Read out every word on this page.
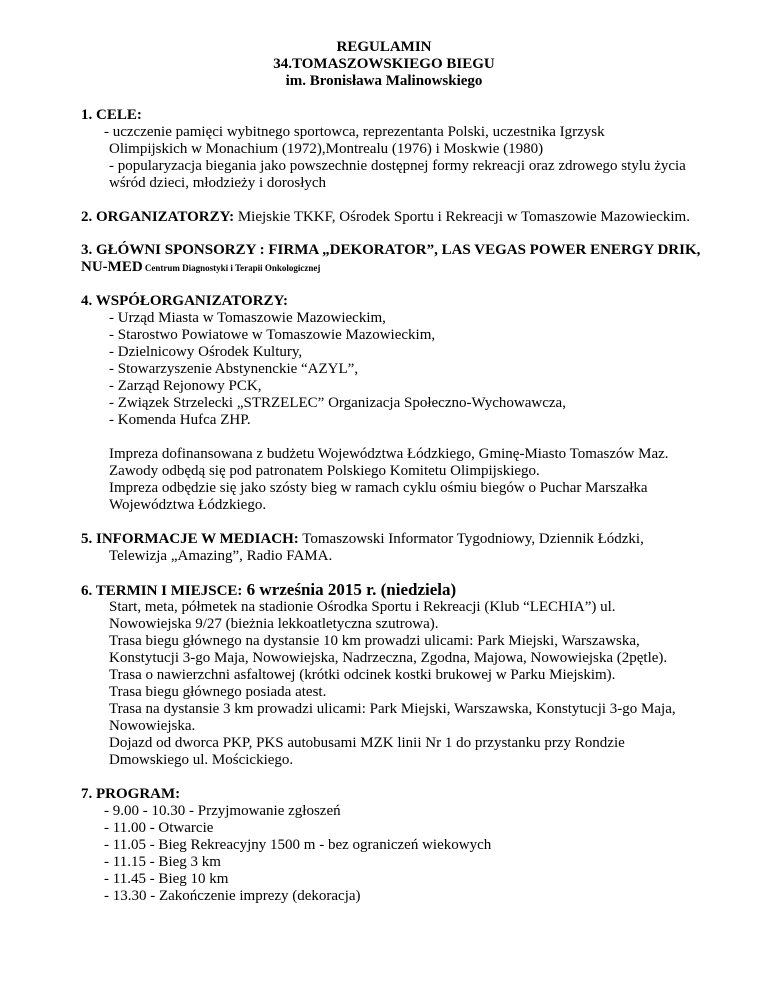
REGULAMIN
34.TOMASZOWSKIEGO BIEGU
im. Bronisława Malinowskiego
1. CELE:
- uczczenie pamięci wybitnego sportowca, reprezentanta Polski, uczestnika Igrzysk
Olimpijskich w Monachium (1972),Montrealu (1976) i Moskwie (1980)
- popularyzacja biegania jako powszechnie dostępnej formy rekreacji oraz zdrowego stylu życia
wśród dzieci, młodzieży i dorosłych
2. ORGANIZATORZY: Miejskie TKKF, Ośrodek Sportu i Rekreacji w Tomaszowie Mazowieckim.
3. GŁÓWNI SPONSORZY : FIRMA „DEKORATOR”, LAS VEGAS POWER ENERGY DRIK,
NU-MED Centrum Diagnostyki i Terapii Onkologicznej
4. WSPÓŁORGANIZATORZY:
- Urząd Miasta w Tomaszowie Mazowieckim,
- Starostwo Powiatowe w Tomaszowie Mazowieckim,
- Dzielnicowy Ośrodek Kultury,
- Stowarzyszenie Abstynenckie “AZYL”,
- Zarząd Rejonowy PCK,
- Związek Strzelecki „STRZELEC” Organizacja Społeczno-Wychowawcza,
- Komenda Hufca ZHP.
Impreza dofinansowana z budżetu Województwa Łódzkiego, Gminę-Miasto Tomaszów Maz.
Zawody odbędą się pod patronatem Polskiego Komitetu Olimpijskiego.
Impreza odbędzie się jako szósty bieg w ramach cyklu ośmiu biegów o Puchar Marszałka
Województwa Łódzkiego.
5. INFORMACJE W MEDIACH: Tomaszowski Informator Tygodniowy, Dziennik Łódzki,
Telewizja „Amazing”, Radio FAMA.
6. TERMIN I MIEJSCE: 6 września 2015 r. (niedziela)
Start, meta, półmetek na stadionie Ośrodka Sportu i Rekreacji (Klub “LECHIA”) ul.
Nowowiejska 9/27 (bieżnia lekkoatletyczna szutrowa).
Trasa biegu głównego na dystansie 10 km prowadzi ulicami: Park Miejski, Warszawska,
Konstytucji 3-go Maja, Nowowiejska, Nadrzeczna, Zgodna, Majowa, Nowowiejska (2pętle).
Trasa o nawierzchni asfaltowej (krótki odcinek kostki brukowej w Parku Miejskim).
Trasa biegu głównego posiada atest.
Trasa na dystansie 3 km prowadzi ulicami: Park Miejski, Warszawska, Konstytucji 3-go Maja,
Nowowiejska.
Dojazd od dworca PKP, PKS autobusami MZK linii Nr 1 do przystanku przy Rondzie
Dmowskiego ul. Mościckiego.
7. PROGRAM:
- 9.00 - 10.30 - Przyjmowanie zgłoszeń
- 11.00 - Otwarcie
- 11.05 - Bieg Rekreacyjny 1500 m - bez ograniczeń wiekowych
- 11.15 - Bieg 3 km
- 11.45 - Bieg 10 km
- 13.30 - Zakończenie imprezy (dekoracja)
